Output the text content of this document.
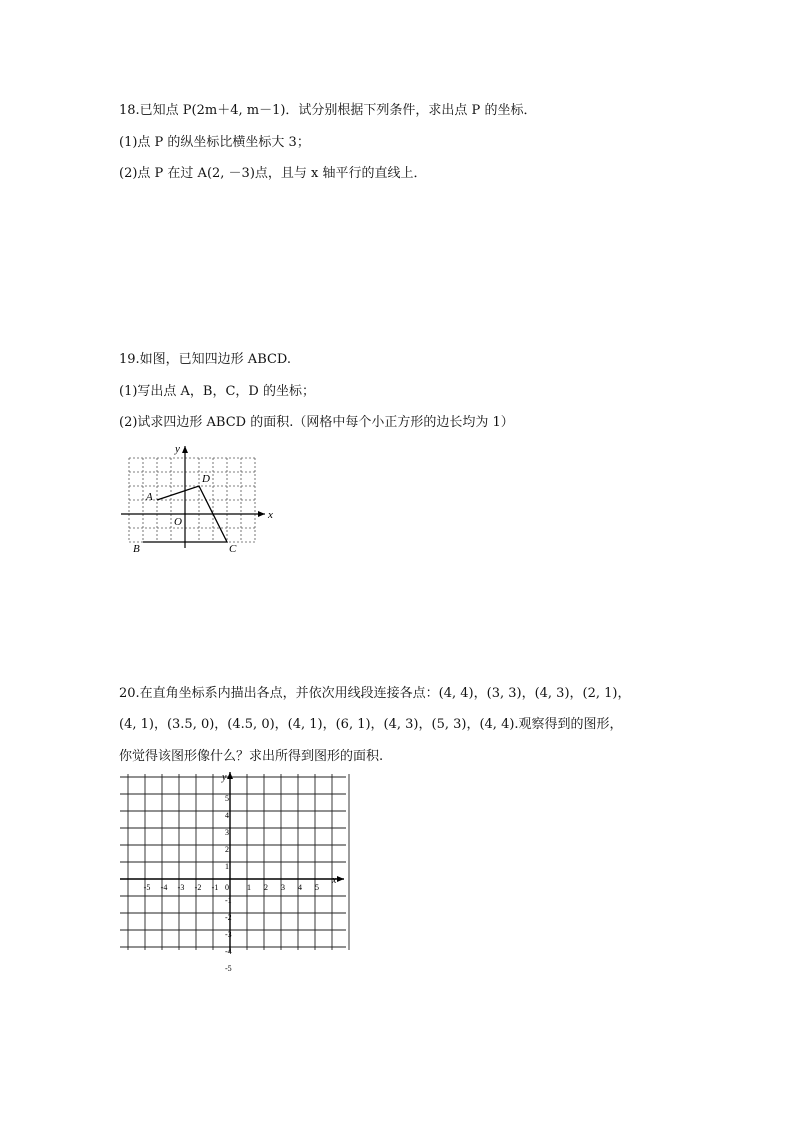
18.已知点 P(2m＋4, m－1)．试分别根据下列条件，求出点 P 的坐标．
(1)点 P 的纵坐标比横坐标大 3；
(2)点 P 在过 A(2, －3)点，且与 x 轴平行的直线上．
19.如图，已知四边形 ABCD.
(1)写出点 A，B，C，D 的坐标；
(2)试求四边形 ABCD 的面积.（网格中每个小正方形的边长均为 1）
x
y
O
A
D
C
B
20.在直角坐标系内描出各点，并依次用线段连接各点：(4, 4)，(3, 3)，(4, 3)，(2, 1)，
(4, 1)，(3.5, 0)，(4.5, 0)，(4, 1)，(6, 1)，(4, 3)，(5, 3)，(4, 4).观察得到的图形，
你觉得该图形像什么？求出所得到图形的面积.
x
y
0
-5 -4 -3 -2 -1	1 2 3 4 5
5
4
3
2
1
-1
-2
-3
-4
-5
